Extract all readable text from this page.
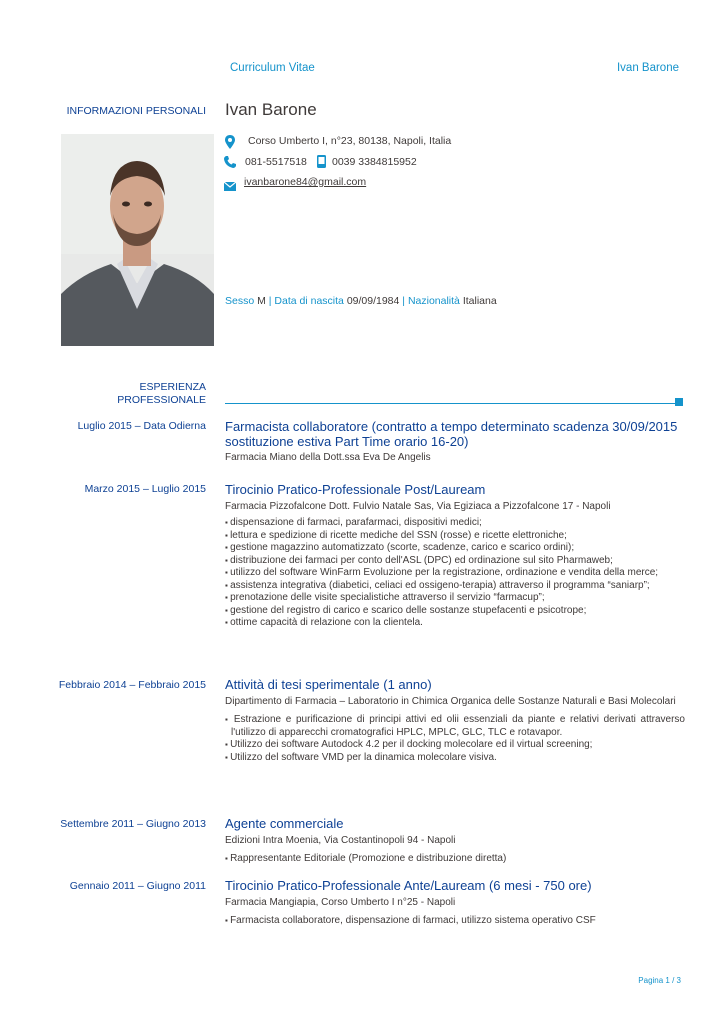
Curriculum Vitae	Ivan Barone
INFORMAZIONI PERSONALI Ivan Barone
Corso Umberto I, n°23, 80138, Napoli, Italia
081-5517518 0039 3384815952
ivanbarone84@gmail.com
Sesso M | Data di nascita 09/09/1984 | Nazionalità Italiana
ESPERIENZA
PROFESSIONALE
Luglio 2015 – Data Odierna Farmacista collaboratore (contratto a tempo determinato scadenza 30/09/2015 sostituzione estiva Part Time orario 16-20)
Farmacia Miano della Dott.ssa Eva De Angelis
Marzo 2015 – Luglio 2015 Tirocinio Pratico-Professionale Post/Lauream
Farmacia Pizzofalcone Dott. Fulvio Natale Sas, Via Egiziaca a Pizzofalcone 17 - Napoli
▪ dispensazione di farmaci, parafarmaci, dispositivi medici;
▪ lettura e spedizione di ricette mediche del SSN (rosse) e ricette elettroniche;
▪ gestione magazzino automatizzato (scorte, scadenze, carico e scarico ordini);
▪ distribuzione dei farmaci per conto dell'ASL (DPC) ed ordinazione sul sito Pharmaweb;
▪ utilizzo del software WinFarm Evoluzione per la registrazione, ordinazione e vendita della merce;
▪ assistenza integrativa (diabetici, celiaci ed ossigeno-terapia) attraverso il programma “saniarp”;
▪ prenotazione delle visite specialistiche attraverso il servizio “farmacup”;
▪ gestione del registro di carico e scarico delle sostanze stupefacenti e psicotrope;
▪ ottime capacità di relazione con la clientela.
Febbraio 2014 – Febbraio 2015 Attività di tesi sperimentale (1 anno)
Dipartimento di Farmacia – Laboratorio in Chimica Organica delle Sostanze Naturali e Basi Molecolari
▪ Estrazione e purificazione di principi attivi ed olii essenziali da piante e relativi derivati attraverso l'utilizzo di apparecchi cromatografici HPLC, MPLC, GLC, TLC e rotavapor.
▪ Utilizzo dei software Autodock 4.2 per il docking molecolare ed il virtual screening;
▪ Utilizzo del software VMD per la dinamica molecolare visiva.
Settembre 2011 – Giugno 2013 Agente commerciale
Edizioni Intra Moenia, Via Costantinopoli 94 - Napoli
▪ Rappresentante Editoriale (Promozione e distribuzione diretta)
Gennaio 2011 – Giugno 2011 Tirocinio Pratico-Professionale Ante/Lauream (6 mesi - 750 ore)
Farmacia Mangiapia, Corso Umberto I n°25 - Napoli
▪ Farmacista collaboratore, dispensazione di farmaci, utilizzo sistema operativo CSF
Pagina 1 / 3
